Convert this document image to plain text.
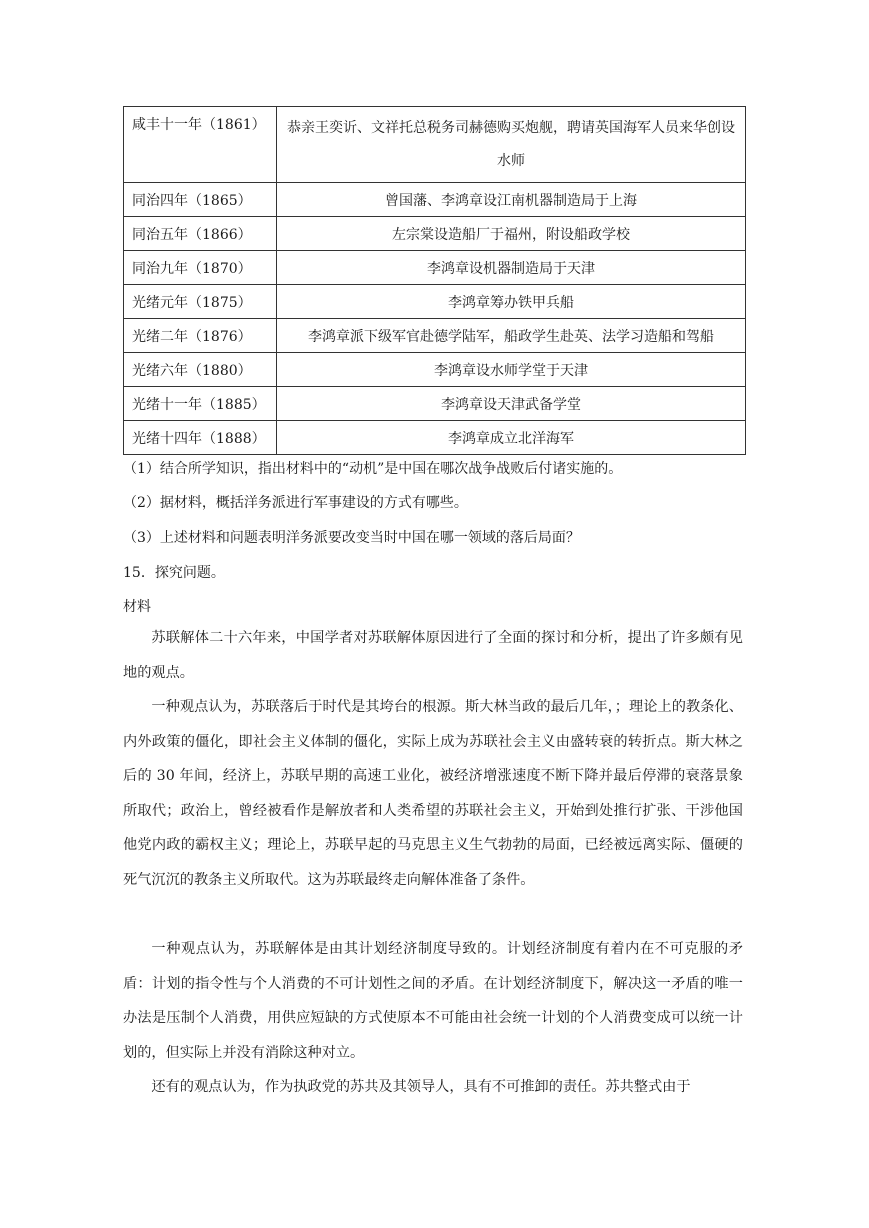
咸丰十一年（1861）	恭亲王奕䜣、文祥托总税务司赫德购买炮舰，聘请英国海军人员来华创设水师
同治四年（1865）	曾国藩、李鸿章设江南机器制造局于上海
同治五年（1866）	左宗棠设造船厂于福州，附设船政学校
同治九年（1870）	李鸿章设机器制造局于天津
光绪元年（1875）	李鸿章筹办铁甲兵船
光绪二年（1876）	李鸿章派下级军官赴德学陆军，船政学生赴英、法学习造船和驾船
光绪六年（1880）	李鸿章设水师学堂于天津
光绪十一年（1885）	李鸿章设天津武备学堂
光绪十四年（1888）	李鸿章成立北洋海军
（1）结合所学知识，指出材料中的“动机”是中国在哪次战争战败后付诸实施的。
（2）据材料，概括洋务派进行军事建设的方式有哪些。
（3）上述材料和问题表明洋务派要改变当时中国在哪一领域的落后局面？
15．探究问题。
材料
苏联解体二十六年来，中国学者对苏联解体原因进行了全面的探讨和分析，提出了许多颇有见地的观点。
一种观点认为，苏联落后于时代是其垮台的根源。斯大林当政的最后几年，；理论上的教条化、内外政策的僵化，即社会主义体制的僵化，实际上成为苏联社会主义由盛转衰的转折点。斯大林之后的 30 年间，经济上，苏联早期的高速工业化，被经济增涨速度不断下降并最后停滞的衰落景象所取代；政治上，曾经被看作是解放者和人类希望的苏联社会主义，开始到处推行扩张、干涉他国他党内政的霸权主义；理论上，苏联早起的马克思主义生气勃勃的局面，已经被远离实际、僵硬的死气沉沉的教条主义所取代。这为苏联最终走向解体准备了条件。
一种观点认为，苏联解体是由其计划经济制度导致的。计划经济制度有着内在不可克服的矛盾：计划的指令性与个人消费的不可计划性之间的矛盾。在计划经济制度下，解决这一矛盾的唯一办法是压制个人消费，用供应短缺的方式使原本不可能由社会统一计划的个人消费变成可以统一计划的，但实际上并没有消除这种对立。
还有的观点认为，作为执政党的苏共及其领导人，具有不可推卸的责任。苏共整式由于
